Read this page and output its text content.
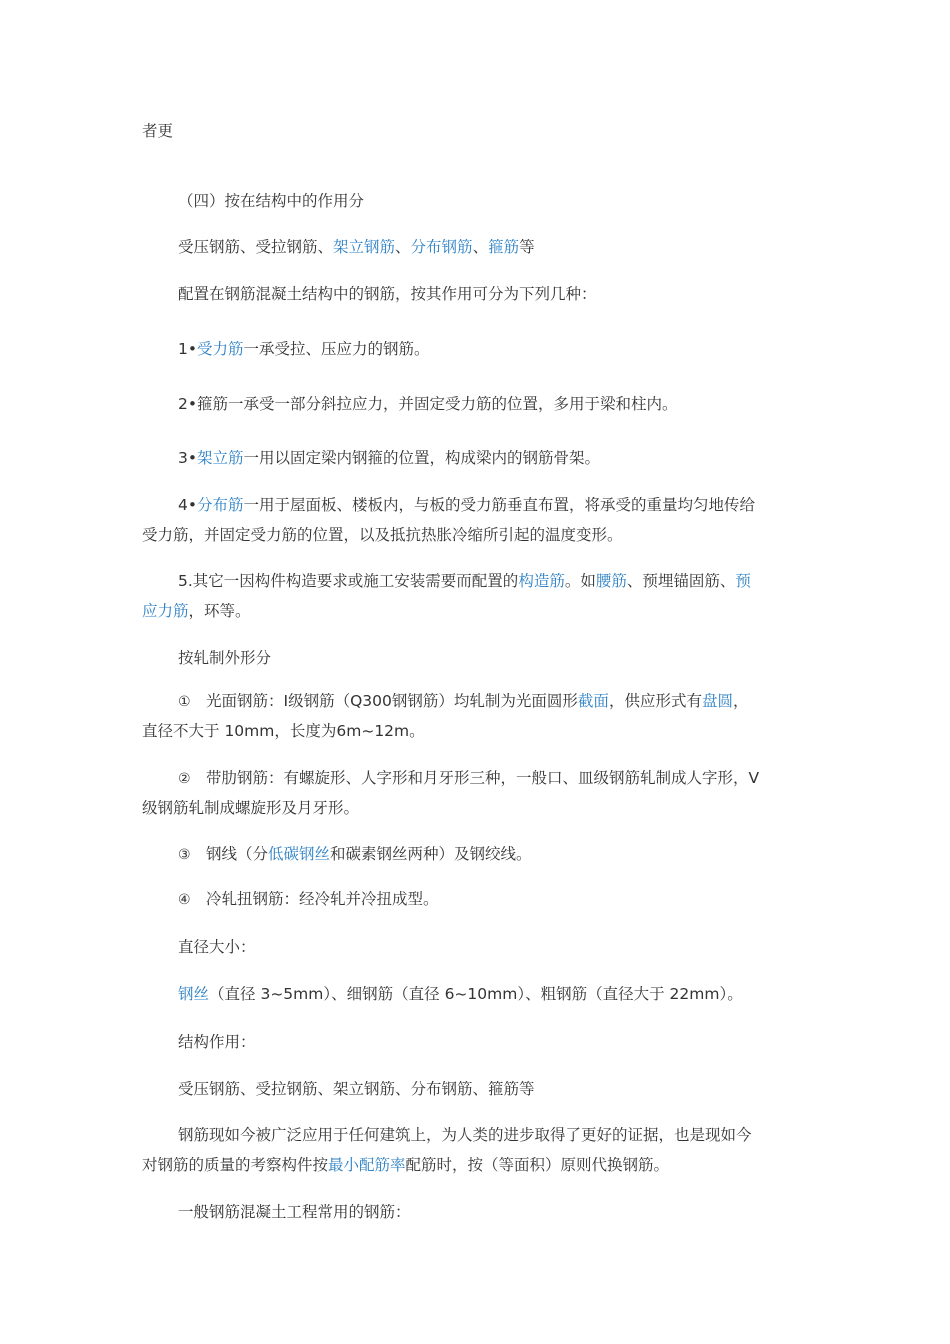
者更
（四）按在结构中的作用分
受压钢筋、受拉钢筋、架立钢筋、分布钢筋、箍筋等
配置在钢筋混凝土结构中的钢筋，按其作用可分为下列几种：
1•受力筋一承受拉、压应力的钢筋。
2•箍筋一承受一部分斜拉应力，并固定受力筋的位置，多用于梁和柱内。
3•架立筋一用以固定梁内钢箍的位置，构成梁内的钢筋骨架。
4•分布筋一用于屋面板、楼板内，与板的受力筋垂直布置，将承受的重量均匀地传给
受力筋，并固定受力筋的位置，以及抵抗热胀冷缩所引起的温度变形。
5.其它一因构件构造要求或施工安装需要而配置的构造筋。如腰筋、预埋锚固筋、预
应力筋，环等。
按轧制外形分
① 光面钢筋：I级钢筋（Q300钢钢筋）均轧制为光面圆形截面，供应形式有盘圆，
直径不大于 10mm，长度为6m~12m。
② 带肋钢筋：有螺旋形、人字形和月牙形三种，一般口、皿级钢筋轧制成人字形，V
级钢筋轧制成螺旋形及月牙形。
③ 钢线（分低碳钢丝和碳素钢丝两种）及钢绞线。
④ 冷轧扭钢筋：经冷轧并冷扭成型。
直径大小：
钢丝（直径 3~5mm）、细钢筋（直径 6~10mm）、粗钢筋（直径大于 22mm）。
结构作用：
受压钢筋、受拉钢筋、架立钢筋、分布钢筋、箍筋等
钢筋现如今被广泛应用于任何建筑上，为人类的进步取得了更好的证据，也是现如今
对钢筋的质量的考察构件按最小配筋率配筋时，按（等面积）原则代换钢筋。
一般钢筋混凝土工程常用的钢筋：
